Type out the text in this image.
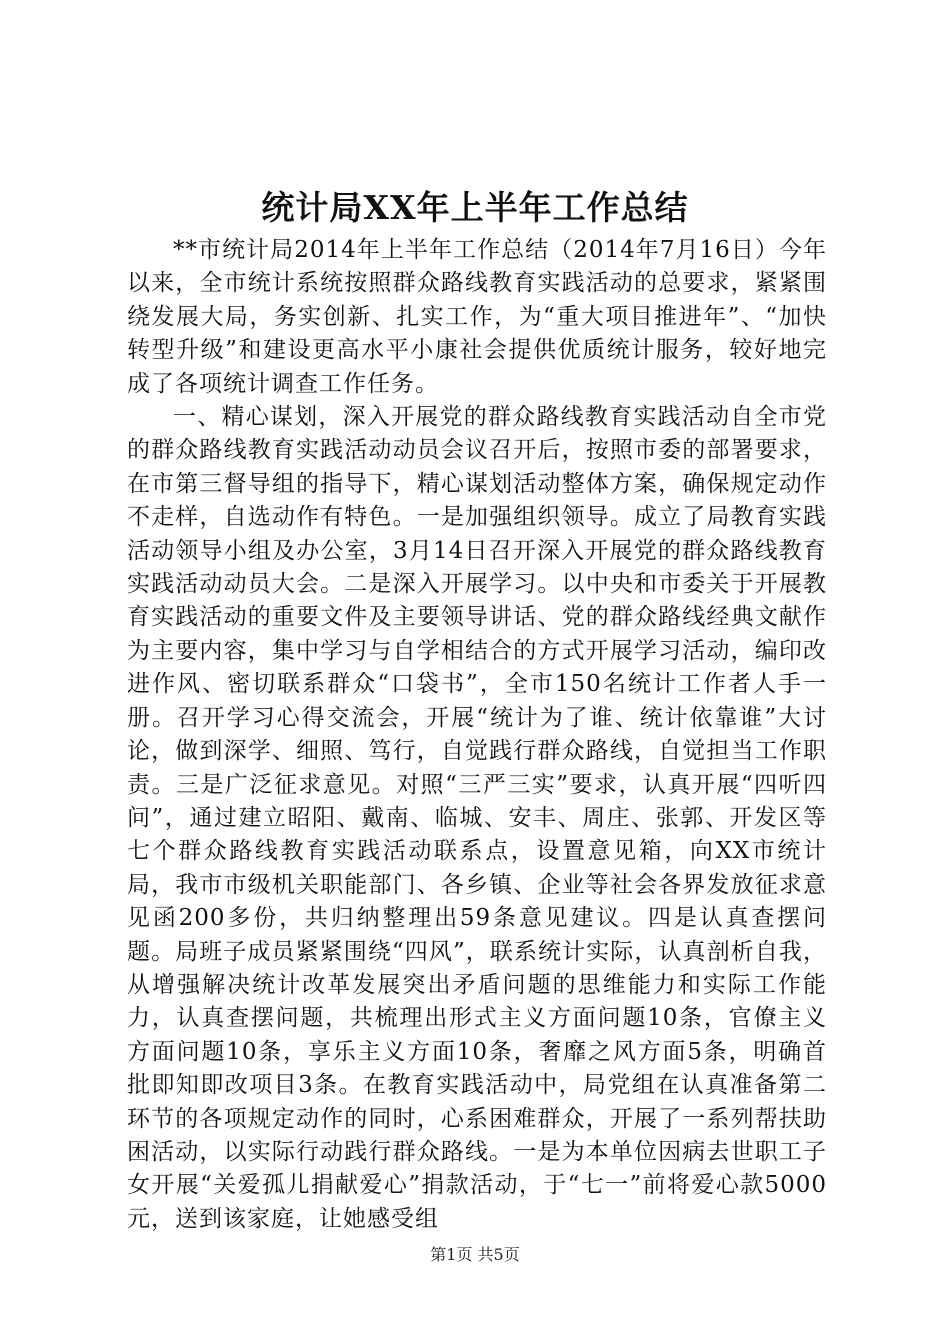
统计局XX年上半年工作总结

**市统计局2014年上半年工作总结（2014年7月16日）今年以来，全市统计系统按照群众路线教育实践活动的总要求，紧紧围绕发展大局，务实创新、扎实工作，为“重大项目推进年”、“加快转型升级”和建设更高水平小康社会提供优质统计服务，较好地完成了各项统计调查工作任务。

一、精心谋划，深入开展党的群众路线教育实践活动自全市党的群众路线教育实践活动动员会议召开后，按照市委的部署要求，在市第三督导组的指导下，精心谋划活动整体方案，确保规定动作不走样，自选动作有特色。一是加强组织领导。成立了局教育实践活动领导小组及办公室，3月14日召开深入开展党的群众路线教育实践活动动员大会。二是深入开展学习。以中央和市委关于开展教育实践活动的重要文件及主要领导讲话、党的群众路线经典文献作为主要内容，集中学习与自学相结合的方式开展学习活动，编印改进作风、密切联系群众“口袋书”，全市150名统计工作者人手一册。召开学习心得交流会，开展“统计为了谁、统计依靠谁”大讨论，做到深学、细照、笃行，自觉践行群众路线，自觉担当工作职责。三是广泛征求意见。对照“三严三实”要求，认真开展“四听四问”，通过建立昭阳、戴南、临城、安丰、周庄、张郭、开发区等七个群众路线教育实践活动联系点，设置意见箱，向XX市统计局，我市市级机关职能部门、各乡镇、企业等社会各界发放征求意见函200多份，共归纳整理出59条意见建议。四是认真查摆问题。局班子成员紧紧围绕“四风”，联系统计实际，认真剖析自我，从增强解决统计改革发展突出矛盾问题的思维能力和实际工作能力，认真查摆问题，共梳理出形式主义方面问题10条，官僚主义方面问题10条，享乐主义方面10条，奢靡之风方面5条，明确首批即知即改项目3条。在教育实践活动中，局党组在认真准备第二环节的各项规定动作的同时，心系困难群众，开展了一系列帮扶助困活动，以实际行动践行群众路线。一是为本单位因病去世职工子女开展“关爱孤儿捐献爱心”捐款活动，于“七一”前将爱心款5000元，送到该家庭，让她感受组

第1页 共5页
